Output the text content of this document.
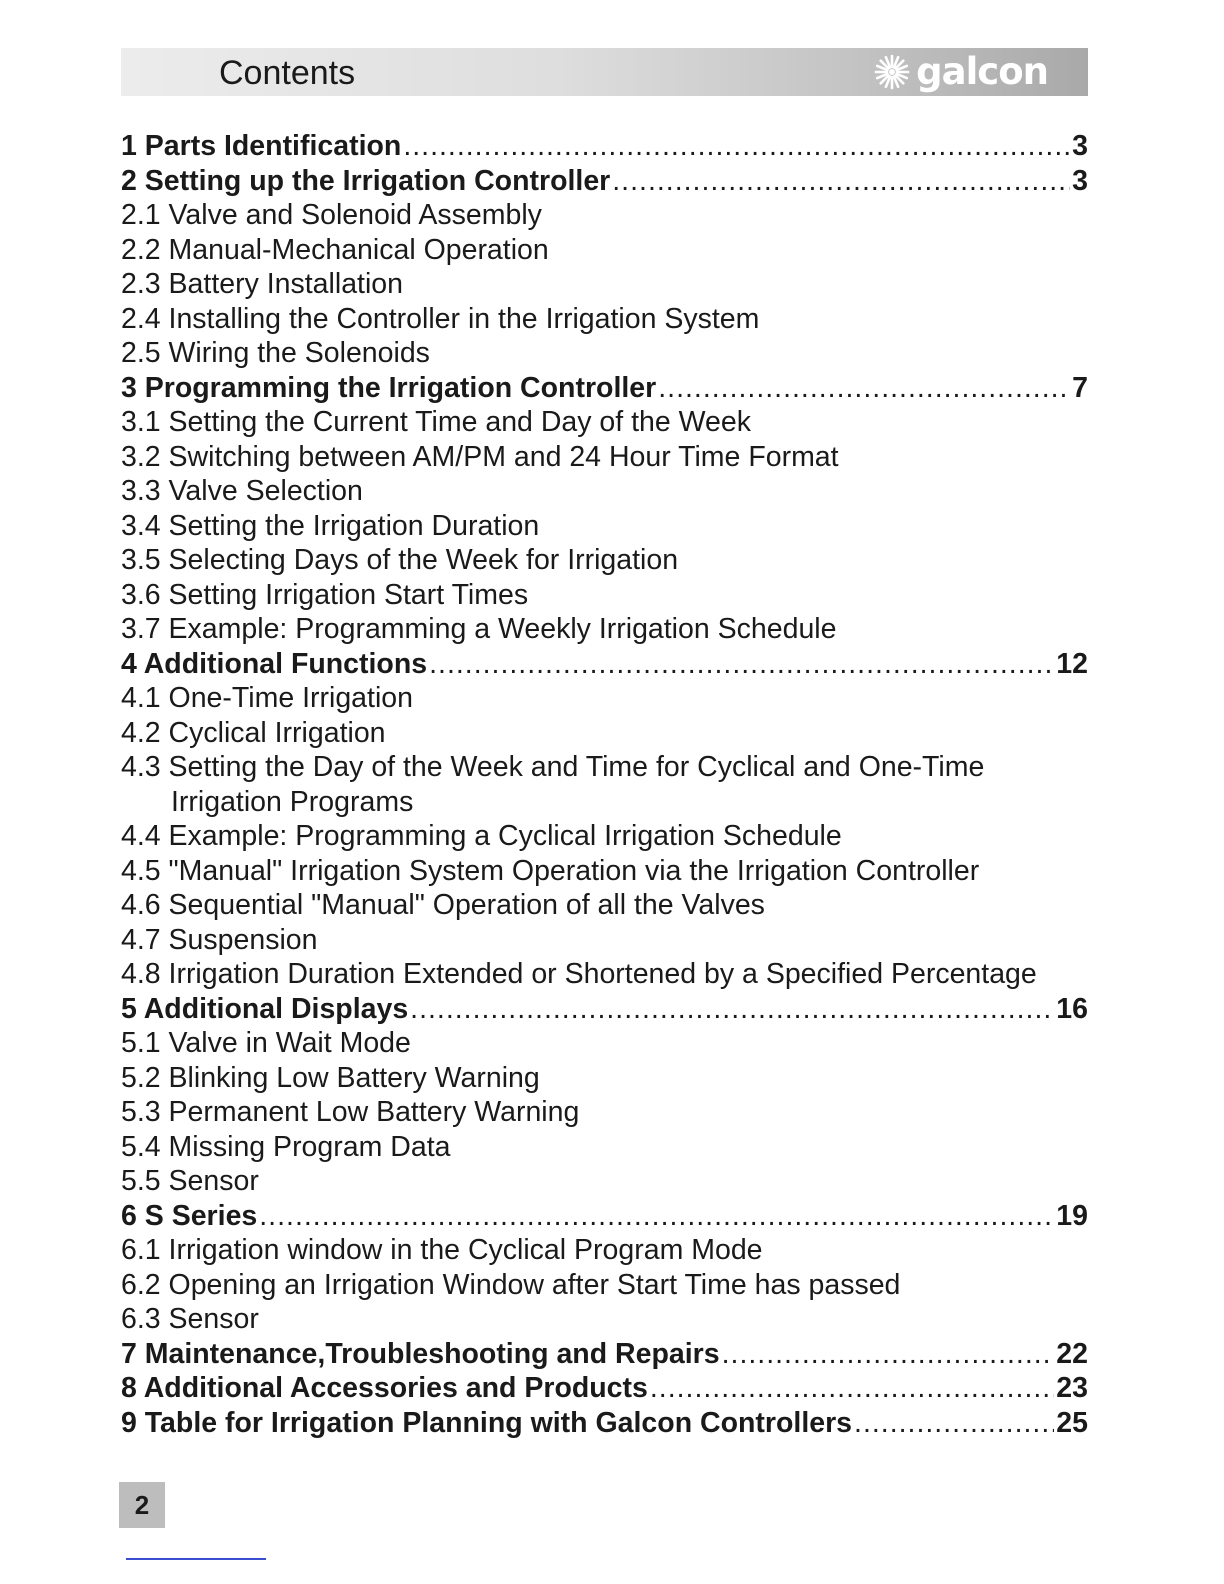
Contents	galcon
1 Parts Identification .....	3
2 Setting up the Irrigation Controller .....	3
2.1 Valve and Solenoid Assembly
2.2 Manual-Mechanical Operation
2.3 Battery Installation
2.4 Installing the Controller in the Irrigation System
2.5 Wiring the Solenoids
3 Programming the Irrigation Controller .....	7
3.1 Setting the Current Time and Day of the Week
3.2 Switching between AM/PM and 24 Hour Time Format
3.3 Valve Selection
3.4 Setting the Irrigation Duration
3.5 Selecting Days of the Week for Irrigation
3.6 Setting Irrigation Start Times
3.7 Example: Programming a Weekly Irrigation Schedule
4 Additional Functions .....	12
4.1 One-Time Irrigation
4.2 Cyclical Irrigation
4.3 Setting the Day of the Week and Time for Cyclical and One-Time
Irrigation Programs
4.4 Example: Programming a Cyclical Irrigation Schedule
4.5 "Manual" Irrigation System Operation via the Irrigation Controller
4.6 Sequential "Manual" Operation of all the Valves
4.7 Suspension
4.8 Irrigation Duration Extended or Shortened by a Specified Percentage
5 Additional Displays .....	16
5.1 Valve in Wait Mode
5.2 Blinking Low Battery Warning
5.3 Permanent Low Battery Warning
5.4 Missing Program Data
5.5 Sensor
6 S Series .....	19
6.1 Irrigation window in the Cyclical Program Mode
6.2 Opening an Irrigation Window after Start Time has passed
6.3 Sensor
7 Maintenance,Troubleshooting and Repairs .....	22
8 Additional Accessories and Products .....	23
9 Table for Irrigation Planning with Galcon Controllers .....	25
2
